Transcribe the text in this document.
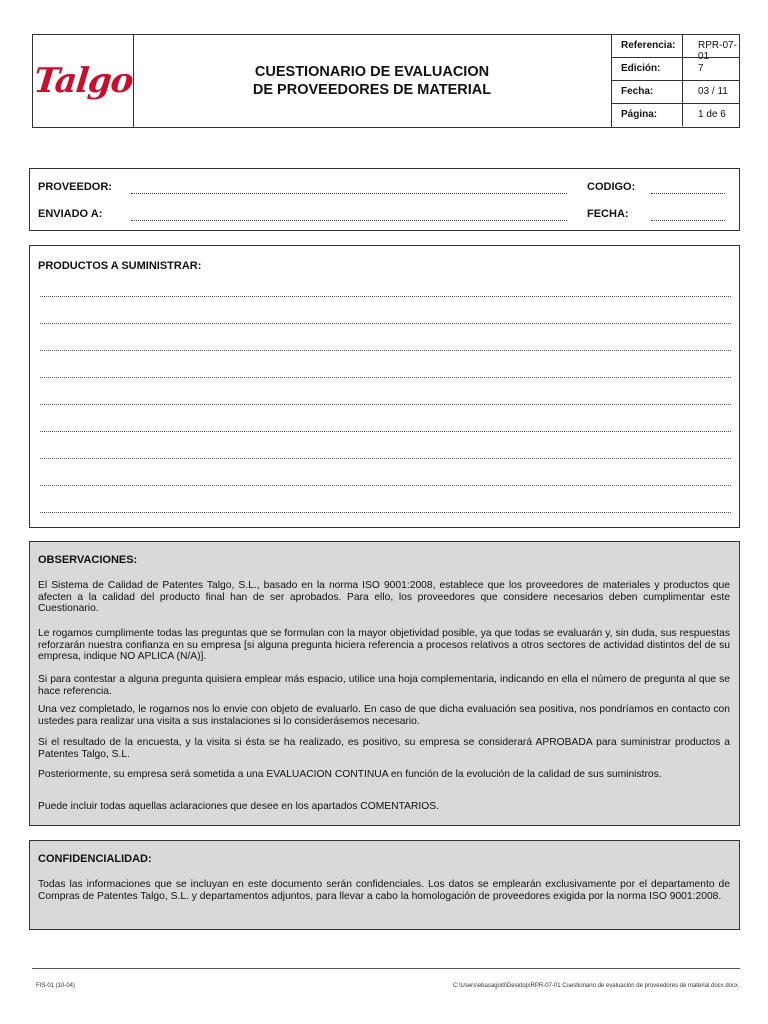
Talgo	CUESTIONARIO DE EVALUACION
DE PROVEEDORES DE MATERIAL
Referencia:	RPR-07-01
Edición:	7
Fecha:	03 / 11
Página:	1 de 6
PROVEEDOR:	CODIGO:
ENVIADO A:	FECHA:
PRODUCTOS A SUMINISTRAR:
OBSERVACIONES:
El Sistema de Calidad de Patentes Talgo, S.L., basado en la norma ISO 9001:2008, establece que los proveedores de materiales y productos que afecten a la calidad del producto final han de ser aprobados. Para ello, los proveedores que considere necesarios deben cumplimentar este Cuestionario.
Le rogamos cumplimente todas las preguntas que se formulan con la mayor objetividad posible, ya que todas se evaluarán y, sin duda, sus respuestas reforzarán nuestra confianza en su empresa [si alguna pregunta hiciera referencia a procesos relativos a otros sectores de actividad distintos del de su empresa, indique NO APLICA (N/A)].
Si para contestar a alguna pregunta quisiera emplear más espacio, utilice una hoja complementaria, indicando en ella el número de pregunta al que se hace referencia.
Una vez completado, le rogamos nos lo envie con objeto de evaluarlo. En caso de que dicha evaluación sea positiva, nos pondríamos en contacto con ustedes para realizar una visita a sus instalaciones si lo considerásemos necesario.
Si el resultado de la encuesta, y la visita si ésta se ha realizado, es positivo, su empresa se considerará APROBADA para suministrar productos a Patentes Talgo, S.L.
Posteriormente, su empresa será sometida a una EVALUACION CONTINUA en función de la evolución de la calidad de sus suministros.
Puede incluir todas aquellas aclaraciones que desee en los apartados COMENTARIOS.
CONFIDENCIALIDAD:
Todas las informaciones que se incluyan en este documento serán confidenciales. Los datos se emplearán exclusivamente por el departamento de Compras de Patentes Talgo, S.L. y departamentos adjuntos, para llevar a cabo la homologación de proveedores exigida por la norma ISO 9001:2008.
FIS-01 (10-04)	C:\Users\ebasagoiti\Desktop\RPR-07-01 Cuestionario de evaluación de proveedores de material.docx.docx
